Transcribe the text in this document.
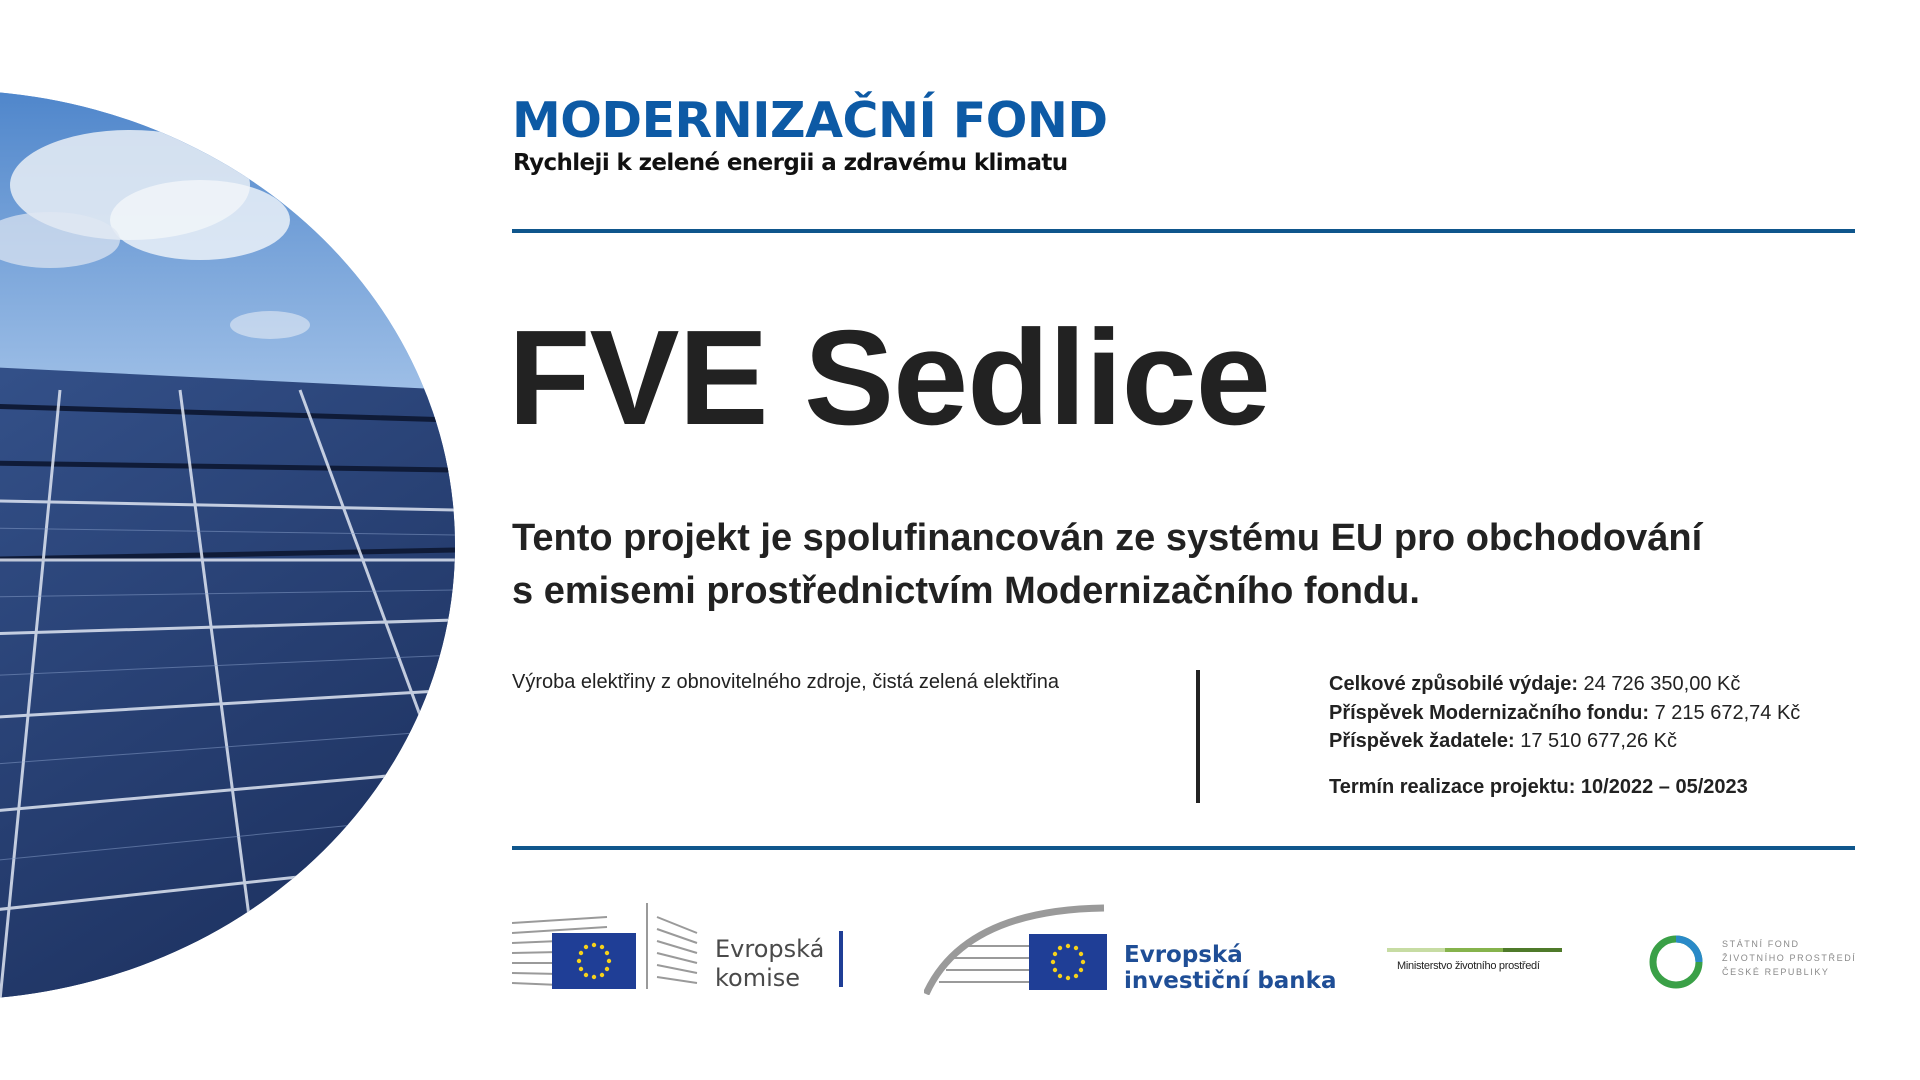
MODERNIZAČNÍ FOND

Rychleji k zelené energii a zdravému klimatu

FVE Sedlice

Tento projekt je spolufinancován ze systému EU pro obchodování
s emisemi prostřednictvím Modernizačního fondu.

Výroba elektřiny z obnovitelného zdroje, čistá zelená elektřina	Celkové způsobilé výdaje: 24 726 350,00 Kč
Příspěvek Modernizačního fondu: 7 215 672,74 Kč
Příspěvek žadatele: 17 510 677,26 Kč
Termín realizace projektu: 10/2022 – 05/2023
Evropská
komise
Evropská
investiční banka
Ministerstvo životního prostředí
STÁTNÍ FOND
ŽIVOTNÍHO PROSTŘEDÍ
ČESKÉ REPUBLIKY
